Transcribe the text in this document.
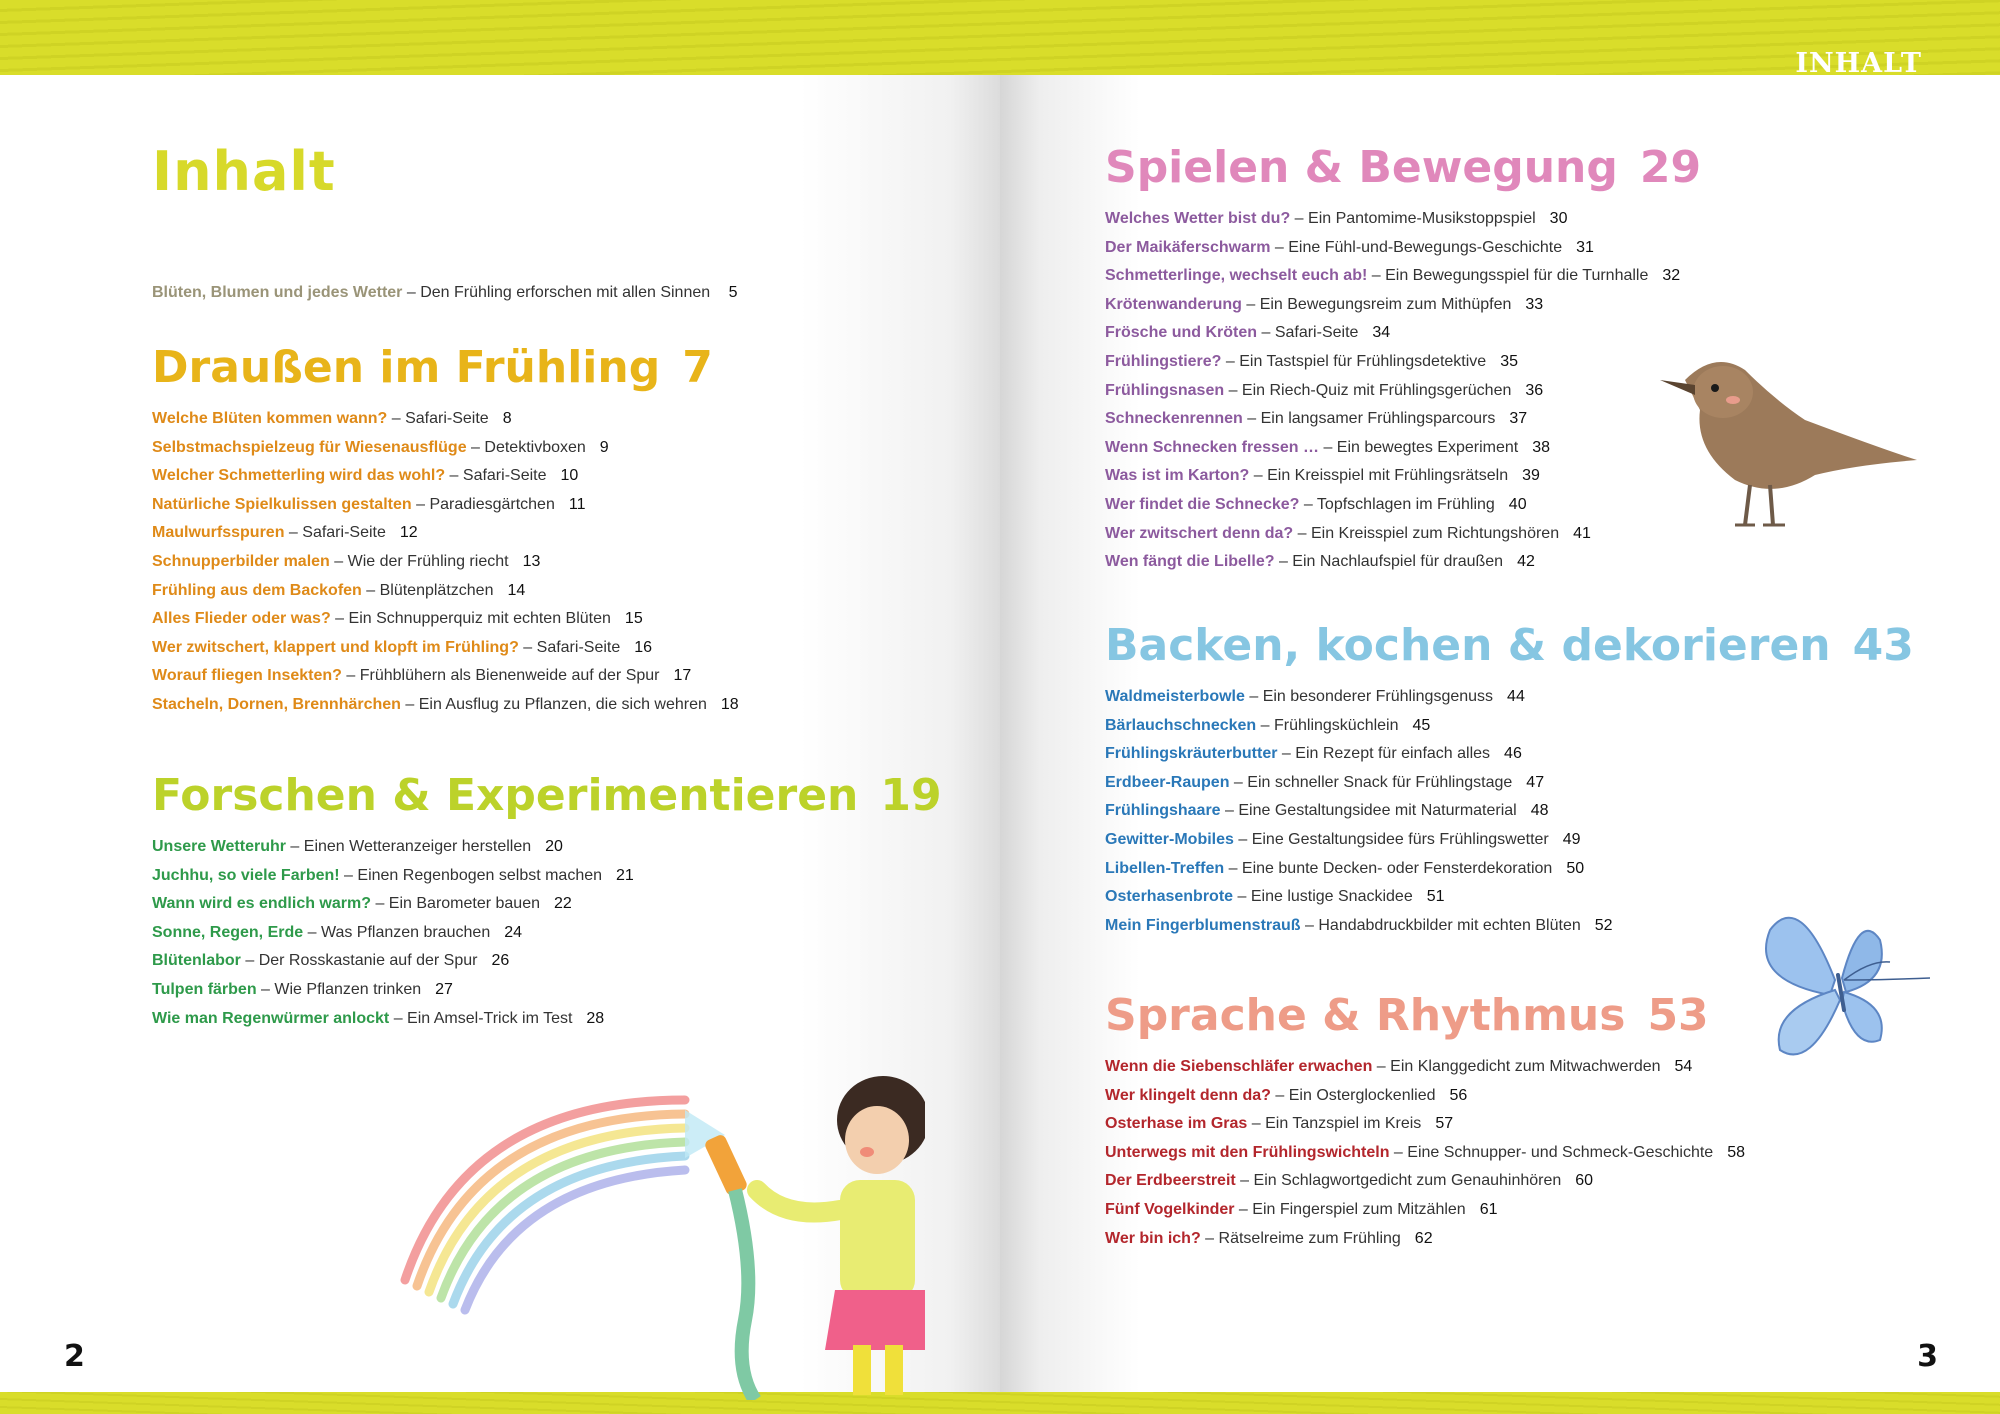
INHALT
Inhalt
Blüten, Blumen und jedes Wetter – Den Frühling erforschen mit allen Sinnen 5
Draußen im Frühling 7
Welche Blüten kommen wann? – Safari-Seite 8
Selbstmachspielzeug für Wiesenausflüge – Detektivboxen 9
Welcher Schmetterling wird das wohl? – Safari-Seite 10
Natürliche Spielkulissen gestalten – Paradiesgärtchen 11
Maulwurfsspuren – Safari-Seite 12
Schnupperbilder malen – Wie der Frühling riecht 13
Frühling aus dem Backofen – Blütenplätzchen 14
Alles Flieder oder was? – Ein Schnupperquiz mit echten Blüten 15
Wer zwitschert, klappert und klopft im Frühling? – Safari-Seite 16
Worauf fliegen Insekten? – Frühblühern als Bienenweide auf der Spur 17
Stacheln, Dornen, Brennhärchen – Ein Ausflug zu Pflanzen, die sich wehren 18
Forschen & Experimentieren 19
Unsere Wetteruhr – Einen Wetteranzeiger herstellen 20
Juchhu, so viele Farben! – Einen Regenbogen selbst machen 21
Wann wird es endlich warm? – Ein Barometer bauen 22
Sonne, Regen, Erde – Was Pflanzen brauchen 24
Blütenlabor – Der Rosskastanie auf der Spur 26
Tulpen färben – Wie Pflanzen trinken 27
Wie man Regenwürmer anlockt – Ein Amsel-Trick im Test 28
2
Spielen & Bewegung 29
Welches Wetter bist du? – Ein Pantomime-Musikstoppspiel 30
Der Maikäferschwarm – Eine Fühl-und-Bewegungs-Geschichte 31
Schmetterlinge, wechselt euch ab! – Ein Bewegungsspiel für die Turnhalle 32
Krötenwanderung – Ein Bewegungsreim zum Mithüpfen 33
Frösche und Kröten – Safari-Seite 34
Frühlingstiere? – Ein Tastspiel für Frühlingsdetektive 35
Frühlingsnasen – Ein Riech-Quiz mit Frühlingsgerüchen 36
Schneckenrennen – Ein langsamer Frühlingsparcours 37
Wenn Schnecken fressen … – Ein bewegtes Experiment 38
Was ist im Karton? – Ein Kreisspiel mit Frühlingsrätseln 39
Wer findet die Schnecke? – Topfschlagen im Frühling 40
Wer zwitschert denn da? – Ein Kreisspiel zum Richtungshören 41
Wen fängt die Libelle? – Ein Nachlaufspiel für draußen 42
Backen, kochen & dekorieren 43
Waldmeisterbowle – Ein besonderer Frühlingsgenuss 44
Bärlauchschnecken – Frühlingsküchlein 45
Frühlingskräuterbutter – Ein Rezept für einfach alles 46
Erdbeer-Raupen – Ein schneller Snack für Frühlingstage 47
Frühlingshaare – Eine Gestaltungsidee mit Naturmaterial 48
Gewitter-Mobiles – Eine Gestaltungsidee fürs Frühlingswetter 49
Libellen-Treffen – Eine bunte Decken- oder Fensterdekoration 50
Osterhasenbrote – Eine lustige Snackidee 51
Mein Fingerblumenstrauß – Handabdruckbilder mit echten Blüten 52
Sprache & Rhythmus 53
Wenn die Siebenschläfer erwachen – Ein Klanggedicht zum Mitwachwerden 54
Wer klingelt denn da? – Ein Osterglockenlied 56
Osterhase im Gras – Ein Tanzspiel im Kreis 57
Unterwegs mit den Frühlingswichteln – Eine Schnupper- und Schmeck-Geschichte 58
Der Erdbeerstreit – Ein Schlagwortgedicht zum Genauhinhören 60
Fünf Vogelkinder – Ein Fingerspiel zum Mitzählen 61
Wer bin ich? – Rätselreime zum Frühling 62
3
